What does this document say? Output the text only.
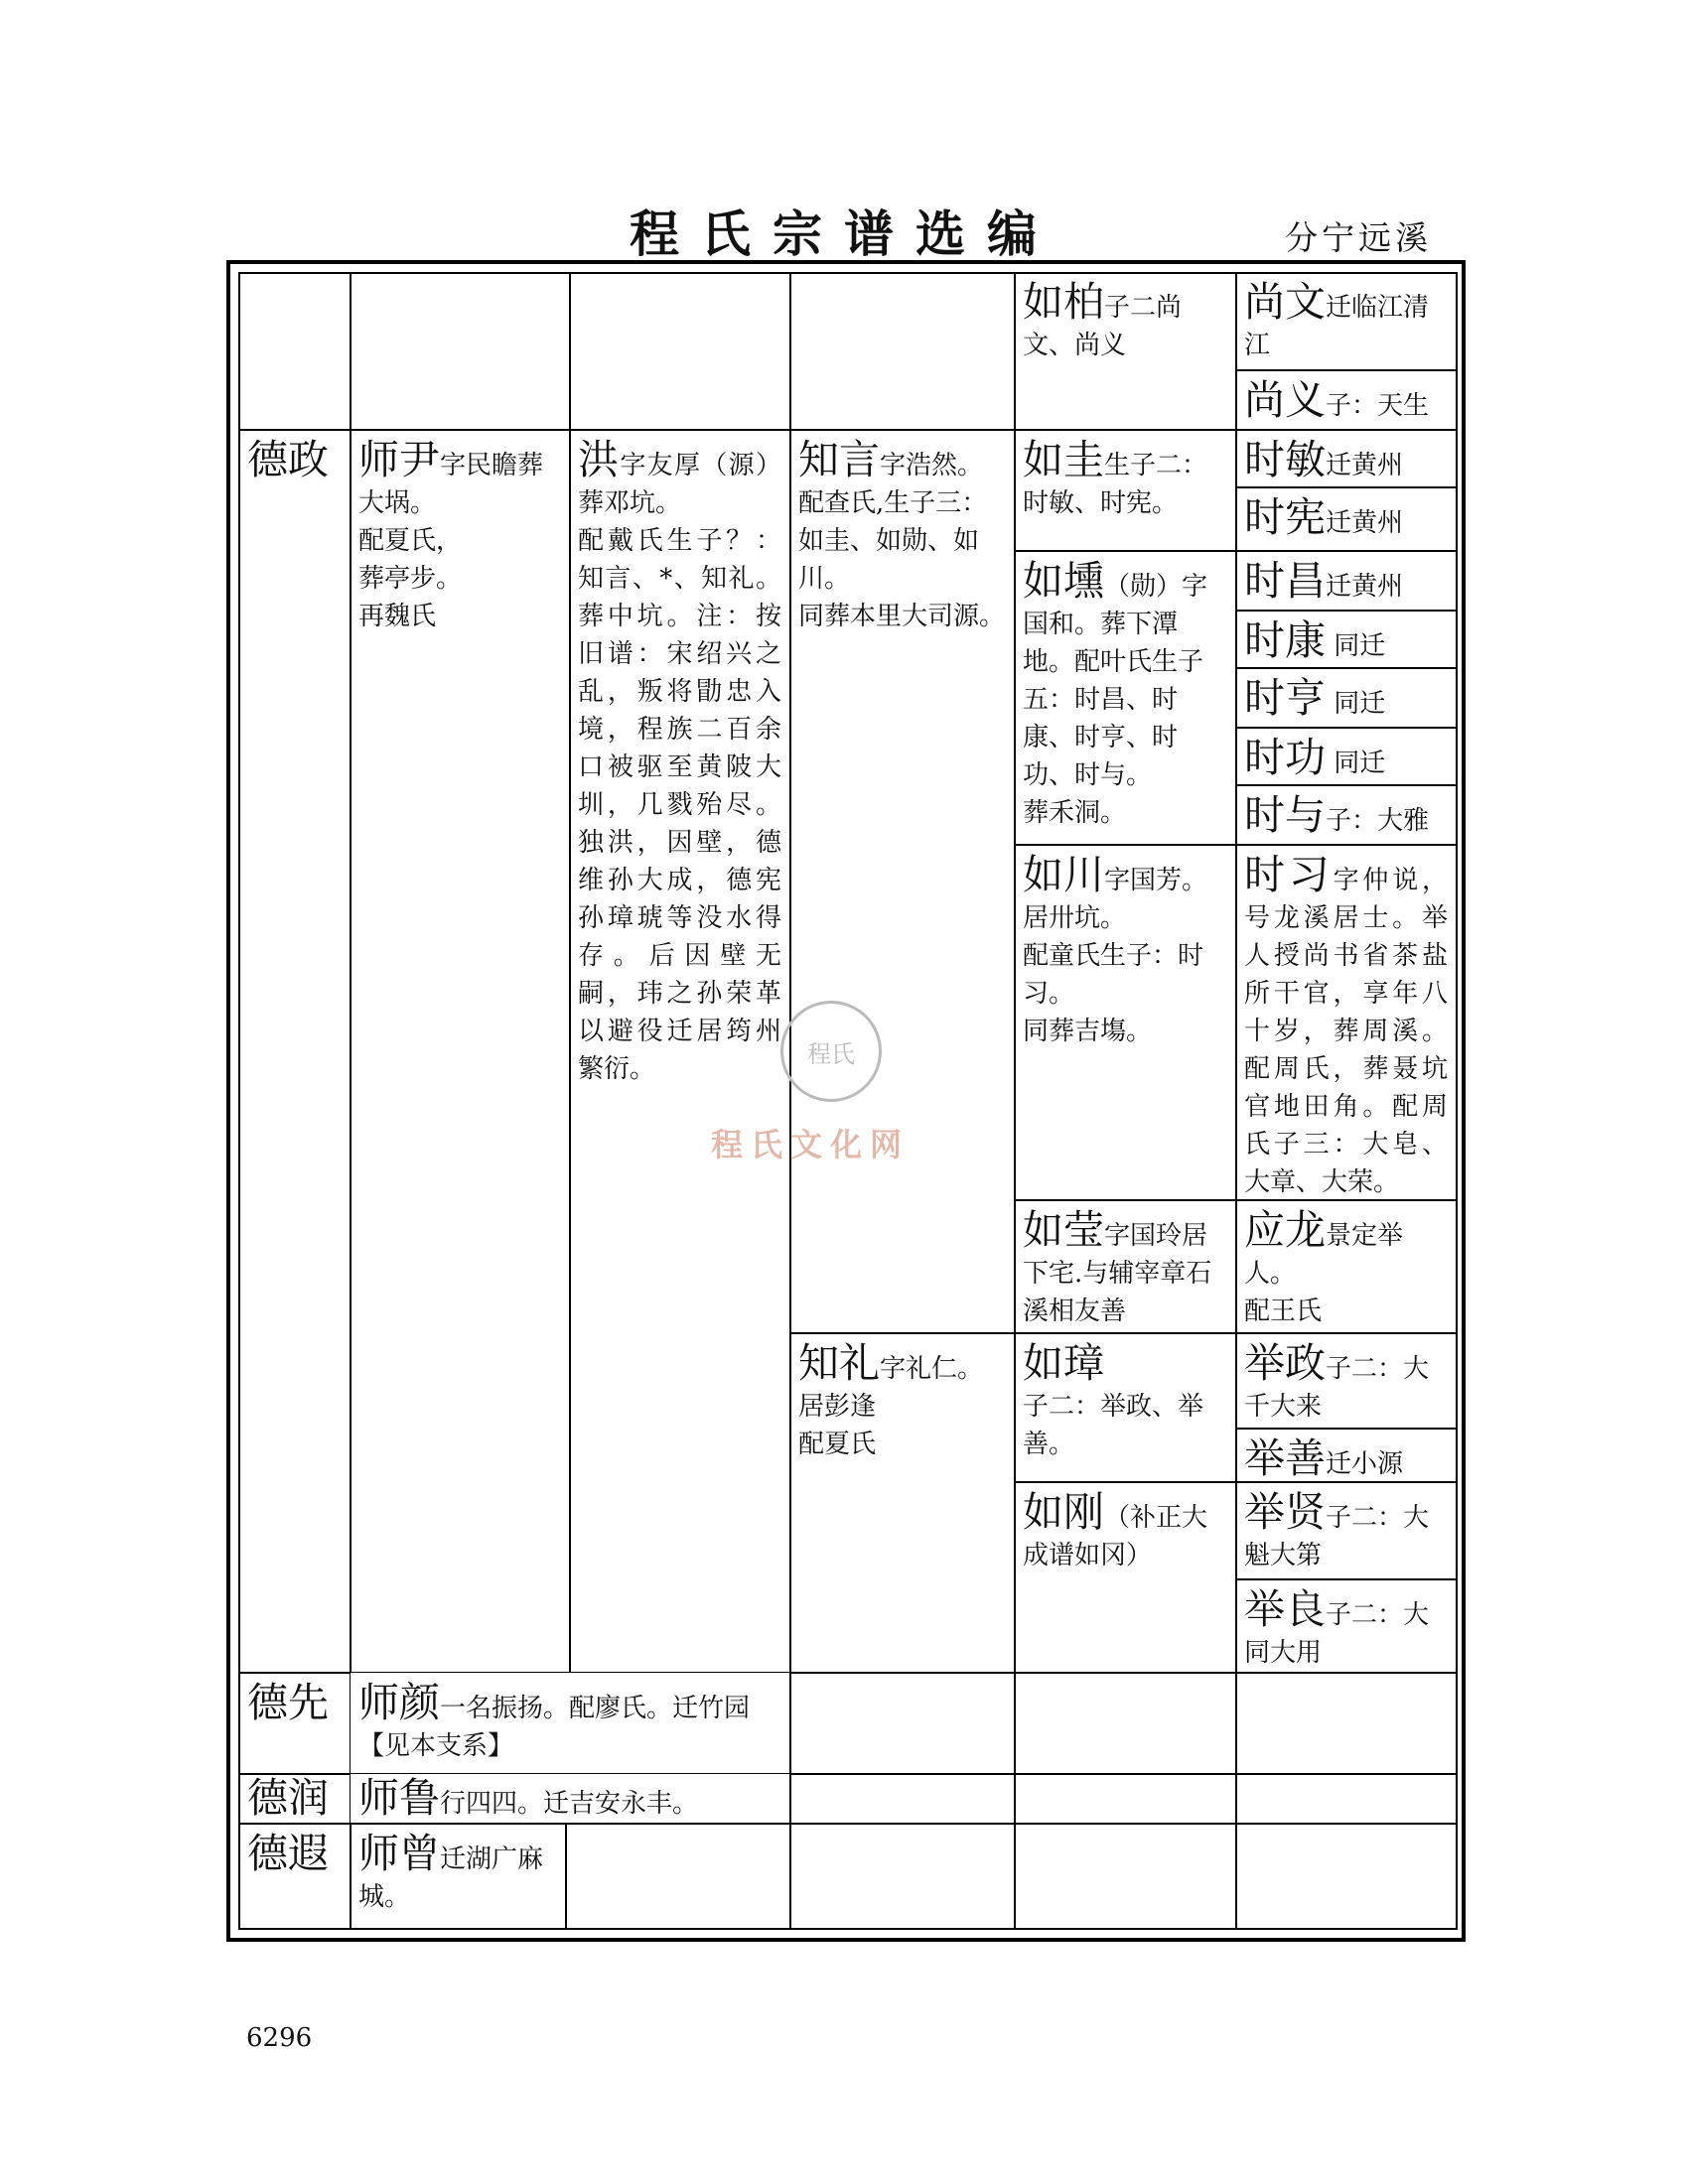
程氏宗谱选编	分宁远溪
如柏子二尚文、尚义
尚文迁临江清江
尚义子：天生
德政 师尹字民瞻葬大埚。
配夏氏，
葬亭步。
再魏氏
洪字友厚（源）葬邓坑。
配戴氏生子？：知言、*、知礼。葬中坑。注：按旧谱：宋绍兴之乱，叛将勖忠入境，程族二百余口被驱至黄陂大圳，几戮殆尽。独洪，因壁，德维孙大成，德宪孙璋琥等没水得存。后因壁无嗣，玮之孙荣革以避役迁居筠州繁衍。
知言字浩然。
配查氏,生子三：如圭、如勋、如川。
同葬本里大司源。
如圭生子二：时敏、时宪。
时敏迁黄州
时宪迁黄州
如壎（勋）字国和。葬下潭地。配叶氏生子五：时昌、时康、时亨、时功、时与。
葬禾洞。
时昌迁黄州
时康 同迁
时亨 同迁
时功 同迁
时与子：大雅
如川字国芳。
居卅坑。
配童氏生子：时习。
同葬吉塲。
时习字仲说，号龙溪居士。举人授尚书省茶盐所干官，享年八十岁，葬周溪。配周氏，葬聂坑官地田角。配周氏子三：大皂、大章、大荣。
如莹字国玲居下宅.与辅宰章石溪相友善
应龙景定举人。
配王氏
知礼字礼仁。
居彭逢
配夏氏
如璋
子二：举政、举善。
举政子二：大千大来
举善迁小源
如刚（补正大成谱如冈）
举贤子二：大魁大第
举良子二：大同大用
德先 师颜一名振扬。配廖氏。迁竹园【见本支系】
德润 师鲁行四四。迁吉安永丰。
德遐 师曾迁湖广麻城。
程氏
程氏文化网
6296
